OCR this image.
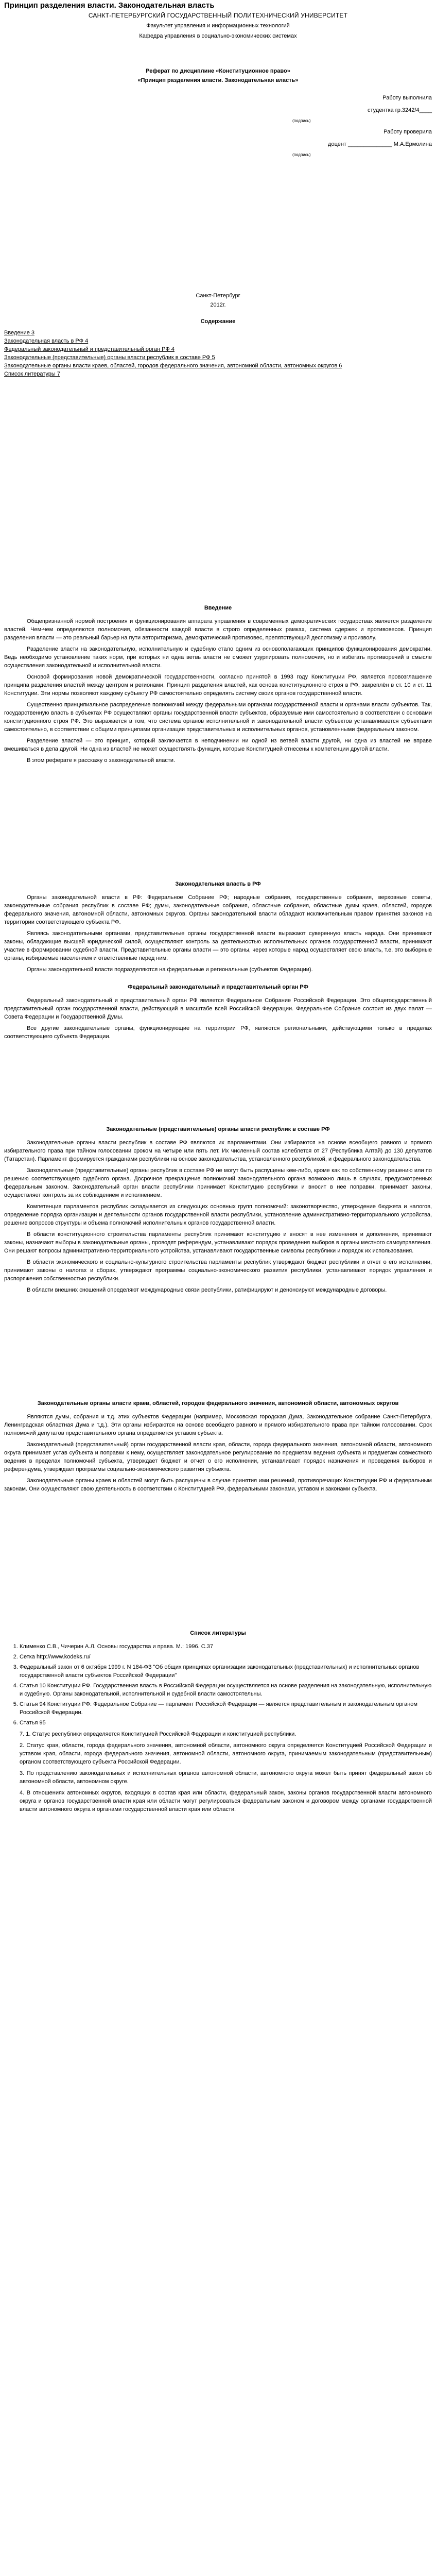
Принцип разделения власти. Законодательная власть

САНКТ-ПЕТЕРБУРГСКИЙ ГОСУДАРСТВЕННЫЙ ПОЛИТЕХНИЧЕСКИЙ УНИВЕРСИТЕТ

Факультет управления и информационных технологий

Кафедра управления в социально-экономических системах

Реферат по дисциплине «Конституционное право»

«Принцип разделения власти. Законодательная власть»

Работу выполнила

студентка гр.3242/4____

(подпись)

Работу проверила

доцент ______________ М.А.Ермолина

(подпись)

Санкт-Петербург

2012г.

Содержание

Введение 3

Законодательная власть в РФ 4

Федеральный законодательный и представительный орган РФ 4

Законодательные (представительные) органы власти республик в составе РФ 5

Законодательные органы власти краев, областей, городов федерального значения, автономной области, автономных округов 6

Список литературы 7

Введение

Общепризнанной нормой построения и функционирования аппарата управления в современных демократических государствах является разделение властей. Чем-чем определяются полномочия, обязанности каждой власти в строго определенных рамках, система сдержек и противовесов. Принцип разделения власти — это реальный барьер на пути авторитаризма, демократический противовес, препятствующий деспотизму и произволу.

Разделение власти на законодательную, исполнительную и судебную стало одним из основополагающих принципов функционирования демократии. Ведь необходимо установление таких норм, при которых ни одна ветвь власти не сможет узурпировать полномочия, но и избегать противоречий в смысле осуществления законодательной и исполнительной власти.

Основой формирования новой демократической государственности, согласно принятой в 1993 году Конституции РФ, является провозглашение принципа разделения властей между центром и регионами. Принцип разделения властей, как основа конституционного строя в РФ, закреплён в ст. 10 и ст. 11 Конституции. Эти нормы позволяют каждому субъекту РФ самостоятельно определять систему своих органов государственной власти.

Существенно принципиальное распределение полномочий между федеральными органами государственной власти и органами власти субъектов. Так, государственную власть в субъектах РФ осуществляют органы государственной власти субъектов, образуемые ими самостоятельно в соответствии с основами конституционного строя РФ. Это выражается в том, что система органов исполнительной и законодательной власти субъектов устанавливается субъектами самостоятельно, в соответствии с общими принципами организации представительных и исполнительных органов, установленными федеральным законом.

Разделение властей — это принцип, который заключается в неподчинении ни одной из ветвей власти другой, ни одна из властей не вправе вмешиваться в дела другой. Ни одна из властей не может осуществлять функции, которые Конституцией отнесены к компетенции другой власти.

В этом реферате я расскажу о законодательной власти.

Законодательная власть в РФ

Органы законодательной власти в РФ: Федеральное Собрание РФ; народные собрания, государственные собрания, верховные советы, законодательные собрания республик в составе РФ; думы, законодательные собрания, областные собрания, областные думы краев, областей, городов федерального значения, автономной области, автономных округов. Органы законодательной власти обладают исключительным правом принятия законов на территории соответствующего субъекта РФ.

Являясь законодательными органами, представительные органы государственной власти выражают суверенную власть народа. Они принимают законы, обладающие высшей юридической силой, осуществляют контроль за деятельностью исполнительных органов государственной власти, принимают участие в формировании судебной власти. Представительные органы власти — это органы, через которые народ осуществляет свою власть, т.е. это выборные органы, избираемые населением и ответственные перед ним.

Органы законодательной власти подразделяются на федеральные и региональные (субъектов Федерации).

Федеральный законодательный и представительный орган РФ

Федеральный законодательный и представительный орган РФ является Федеральное Собрание Российской Федерации. Это общегосударственный представительный орган государственной власти, действующий в масштабе всей Российской Федерации. Федеральное Собрание состоит из двух палат — Совета Федерации и Государственной Думы.

Все другие законодательные органы, функционирующие на территории РФ, являются региональными, действующими только в пределах соответствующего субъекта Федерации.

Законодательные (представительные) органы власти республик в составе РФ

Законодательные органы власти республик в составе РФ являются их парламентами. Они избираются на основе всеобщего равного и прямого избирательного права при тайном голосовании сроком на четыре или пять лет. Их численный состав колеблется от 27 (Республика Алтай) до 130 депутатов (Татарстан). Парламент формируется гражданами республики на основе законодательства, установленного республикой, и федерального законодательства.

Законодательные (представительные) органы республик в составе РФ не могут быть распущены кем-либо, кроме как по собственному решению или по решению соответствующего судебного органа. Досрочное прекращение полномочий законодательного органа возможно лишь в случаях, предусмотренных федеральным законом. Законодательный орган власти республики принимает Конституцию республики и вносит в нее поправки, принимает законы, осуществляет контроль за их соблюдением и исполнением.

Компетенция парламентов республик складывается из следующих основных групп полномочий: законотворчество, утверждение бюджета и налогов, определение порядка организации и деятельности органов государственной власти республики, установление административно-территориального устройства, решение вопросов структуры и объема полномочий исполнительных органов государственной власти.

В области конституционного строительства парламенты республик принимают конституцию и вносят в нее изменения и дополнения, принимают законы, назначают выборы в законодательные органы, проводят референдум, устанавливают порядок проведения выборов в органы местного самоуправления. Они решают вопросы административно-территориального устройства, устанавливают государственные символы республики и порядок их использования.

В области экономического и социально-культурного строительства парламенты республик утверждают бюджет республики и отчет о его исполнении, принимают законы о налогах и сборах, утверждают программы социально-экономического развития республики, устанавливают порядок управления и распоряжения собственностью республики.

В области внешних сношений определяют международные связи республики, ратифицируют и денонсируют международные договоры.

Законодательные органы власти краев, областей, городов федерального значения, автономной области, автономных округов

Являются думы, собрания и т.д. этих субъектов Федерации (например, Московская городская Дума, Законодательное собрание Санкт-Петербурга, Ленинградская областная Дума и т.д.). Эти органы избираются на основе всеобщего равного и прямого избирательного права при тайном голосовании. Срок полномочий депутатов представительного органа определяется уставом субъекта.

Законодательный (представительный) орган государственной власти края, области, города федерального значения, автономной области, автономного округа принимает устав субъекта и поправки к нему, осуществляет законодательное регулирование по предметам ведения субъекта и предметам совместного ведения в пределах полномочий субъекта, утверждает бюджет и отчет о его исполнении, устанавливает порядок назначения и проведения выборов и референдума, утверждает программы социально-экономического развития субъекта.

Законодательные органы краев и областей могут быть распущены в случае принятия ими решений, противоречащих Конституции РФ и федеральным законам. Они осуществляют свою деятельность в соответствии с Конституцией РФ, федеральными законами, уставом и законами субъекта.

Список литературы

1. Клименко С.В., Чичерин А.Л. Основы государства и права. М.: 1996. С.37
2. Сетка http://www.kodeks.ru/
3. Федеральный закон от 6 октября 1999 г. N 184-ФЗ "Об общих принципах организации законодательных (представительных) и исполнительных органов государственной власти субъектов Российской Федерации"
4. Статья 10 Конституции РФ. Государственная власть в Российской Федерации осуществляется на основе разделения на законодательную, исполнительную и судебную. Органы законодательной, исполнительной и судебной власти самостоятельны.
5. Статья 94 Конституции РФ: Федеральное Собрание — парламент Российской Федерации — является представительным и законодательным органом Российской Федерации.
6. Статья 95

7. 1. Статус республики определяется Конституцией Российской Федерации и конституцией республики.

2. Статус края, области, города федерального значения, автономной области, автономного округа определяется Конституцией Российской Федерации и уставом края, области, города федерального значения, автономной области, автономного округа, принимаемым законодательным (представительным) органом соответствующего субъекта Российской Федерации.

3. По представлению законодательных и исполнительных органов автономной области, автономного округа может быть принят федеральный закон об автономной области, автономном округе.

4. В отношениях автономных округов, входящих в состав края или области, федеральный закон, законы органов государственной власти автономного округа и органов государственной власти края или области могут регулироваться федеральным законом и договором между органами государственной власти автономного округа и органами государственной власти края или области.
